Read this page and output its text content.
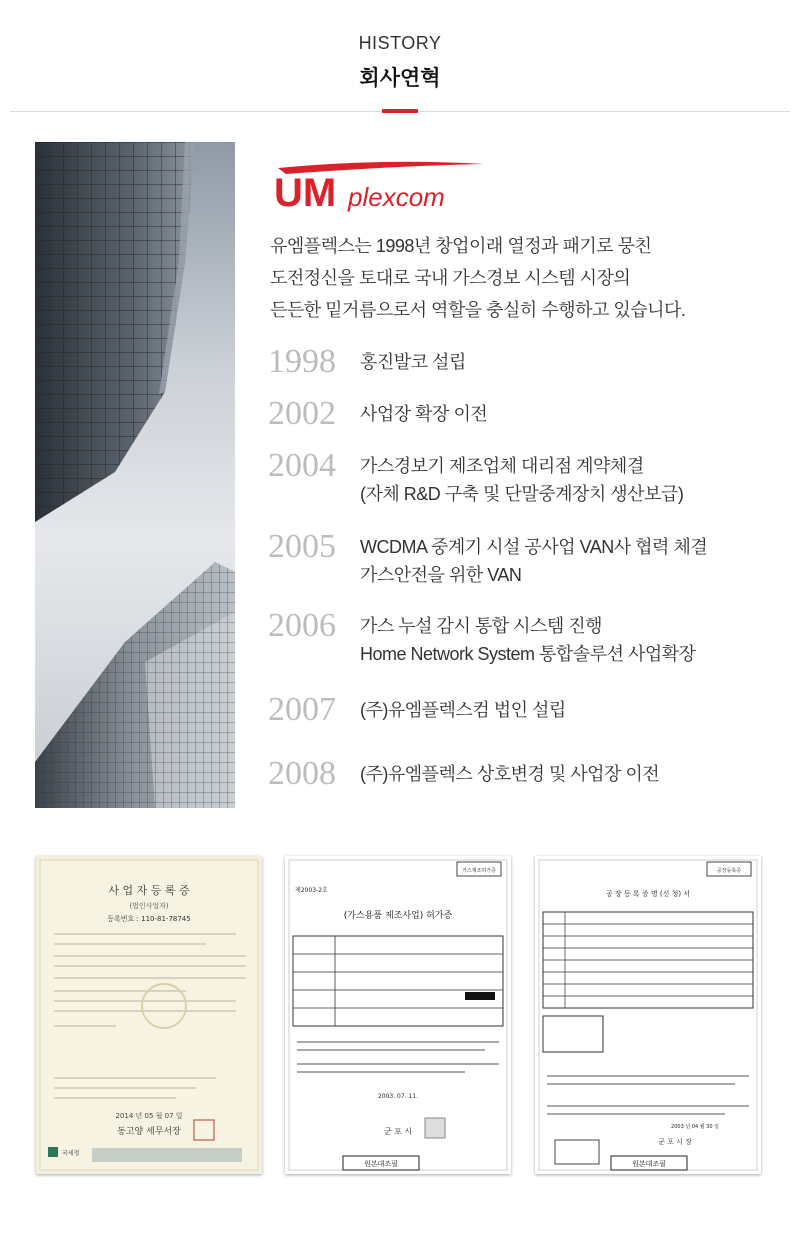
HISTORY
회사연혁
UM plexcom

유엠플렉스는 1998년 창업이래 열정과 패기로 뭉친

도전정신을 토대로 국내 가스경보 시스템 시장의

든든한 밑거름으로서 역할을 충실히 수행하고 있습니다.

1998 홍진발코 설립
2002 사업장 확장 이전
2004 가스경보기 제조업체 대리점 계약체결
(자체 R&D 구축 및 단말중계장치 생산보급)
2005 WCDMA 중계기 시설 공사업 VAN사 협력 체결
가스안전을 위한 VAN
2006 가스 누설 감시 통합 시스템 진행
Home Network System 통합솔루션 사업확장
2007 (주)유엠플렉스컴 법인 설립
2008 (주)유엠플렉스 상호변경 및 사업장 이전
사 업 자 등 록 증
(법인사업자)
등록번호 : 110-81-78745
2014 년 05 월 07 일
동고양 세무서장
국세청
가스제조허가증
제2003-2호
(가스용품 제조사업) 허가증
2003. 07. 11.
군 포 시
원본대조필
공장등록증
공 장 등 록 증 명 (신 청) 서
2003 년 04 월 30 일
군 포 시 장
원본대조필
